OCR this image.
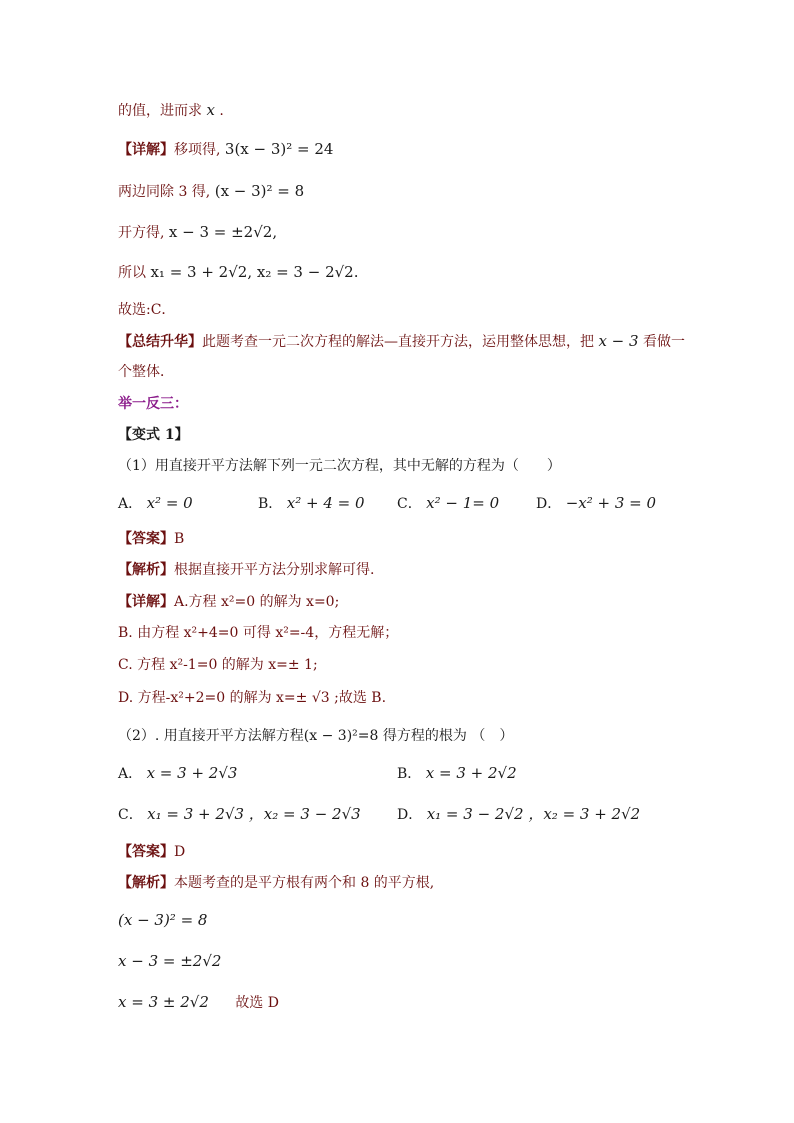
的值，进而求 x .
【详解】移项得, 3(x − 3)² = 24
两边同除 3 得, (x − 3)² = 8
开方得, x − 3 = ±2√2,
所以 x₁ = 3 + 2√2, x₂ = 3 − 2√2.
故选:C．
【总结升华】此题考查一元二次方程的解法—直接开方法，运用整体思想，把 x − 3 看做一
个整体．
举一反三：
【变式 1】
（1）用直接开平方法解下列一元二次方程，其中无解的方程为（　　）
A． x² = 0	B． x² + 4 = 0 C． x² − 1= 0	D． −x² + 3 = 0
【答案】B
【解析】根据直接开平方法分别求解可得.
【详解】A.方程 x²=0 的解为 x=0;
B. 由方程 x²+4=0 可得 x²=-4，方程无解；
C. 方程 x²-1=0 的解为 x=± 1;
D. 方程-x²+2=0 的解为 x=± √3 ;故选 B.
（2）. 用直接开平方法解方程(x − 3)²=8 得方程的根为 （　）
A． x = 3 + 2√3	B． x = 3 + 2√2
C． x₁ = 3 + 2√3 ，x₂ = 3 − 2√3	D． x₁ = 3 − 2√2 ，x₂ = 3 + 2√2
【答案】D
【解析】本题考查的是平方根有两个和 8 的平方根,
(x − 3)² = 8
x − 3 = ±2√2
x = 3 ± 2√2 故选 D
